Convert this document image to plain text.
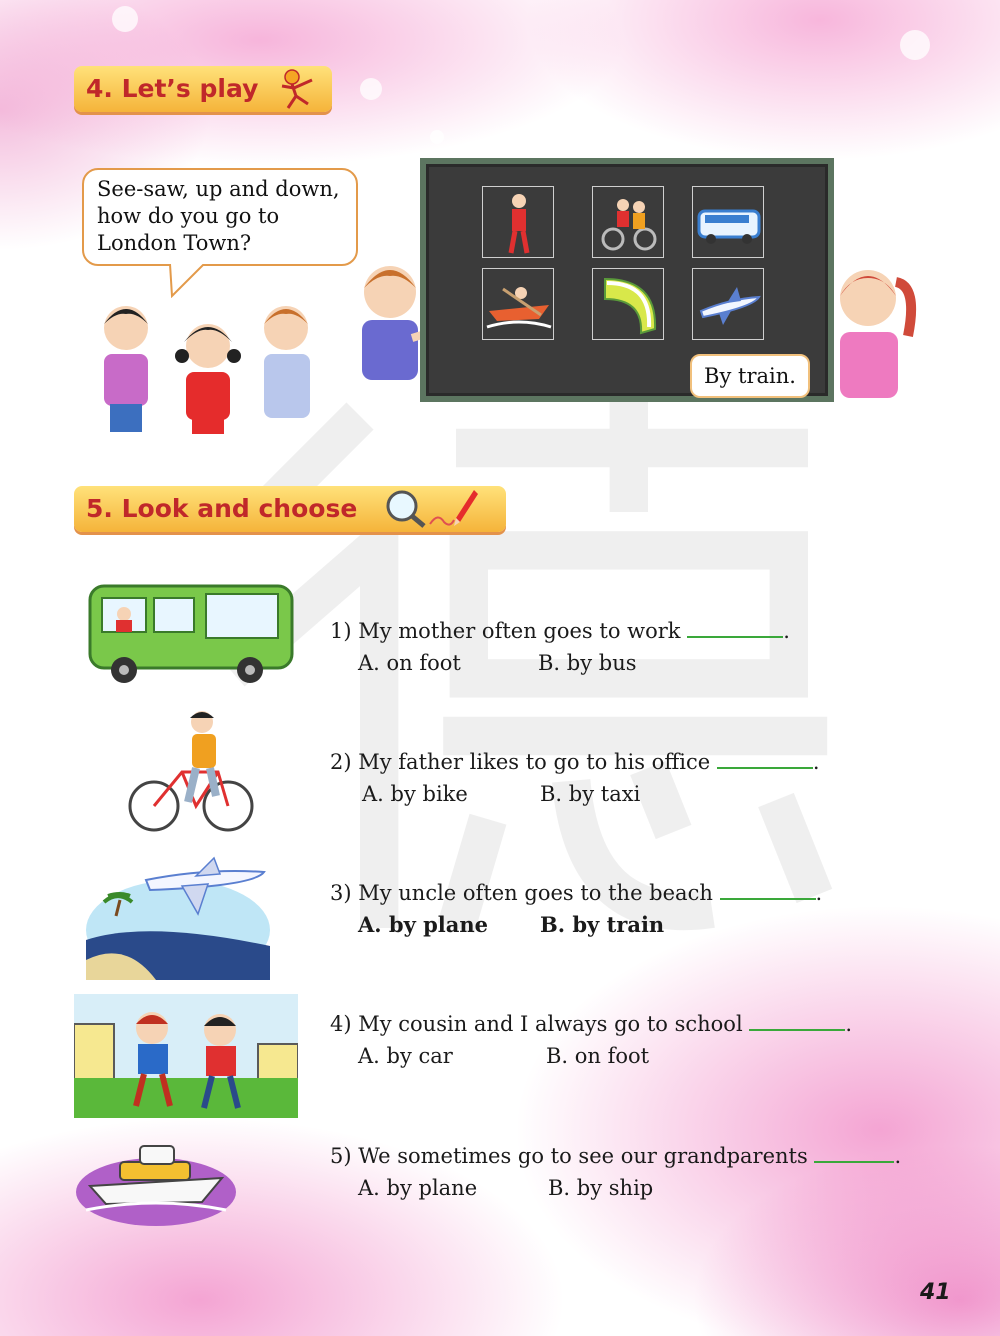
4. Let’s play
See-saw, up and down,
how do you go to
London Town?
By train.
5. Look and choose
1) My mother often goes to work	.
A. on foot	B. by bus
2) My father likes to go to his office	.
A. by bike	B. by taxi
3) My uncle often goes to the beach	.
A. by plane B. by train
4) My cousin and I always go to school	.
A. by car	B. on foot
5) We sometimes go to see our grandparents	.
A. by plane	B. by ship
41
